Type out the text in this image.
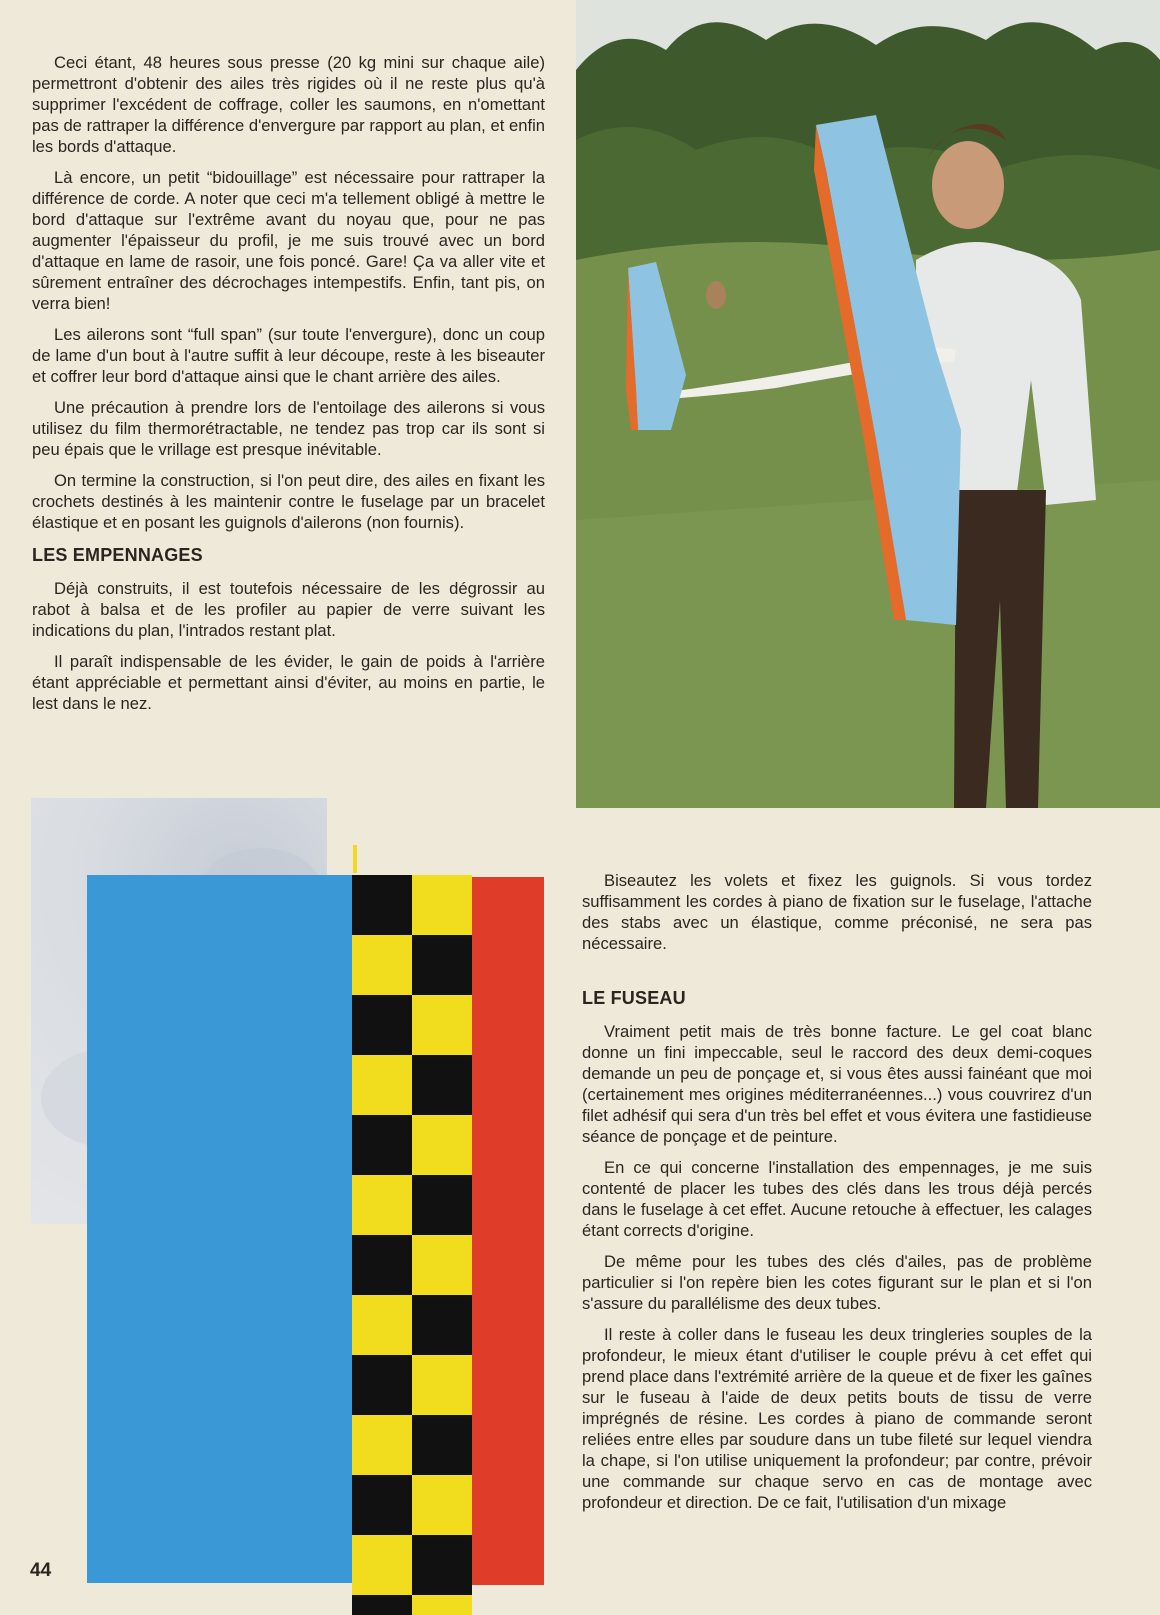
Ceci étant, 48 heures sous presse (20 kg mini sur chaque aile) permettront d'obtenir des ailes très rigides où il ne reste plus qu'à supprimer l'excédent de coffrage, coller les saumons, en n'omettant pas de rattraper la différence d'envergure par rapport au plan, et enfin les bords d'attaque.

Là encore, un petit “bidouillage” est nécessaire pour rattraper la différence de corde. A noter que ceci m'a tellement obligé à mettre le bord d'attaque sur l'extrême avant du noyau que, pour ne pas augmenter l'épaisseur du profil, je me suis trouvé avec un bord d'attaque en lame de rasoir, une fois poncé. Gare! Ça va aller vite et sûrement entraîner des décrochages intempestifs. Enfin, tant pis, on verra bien!

Les ailerons sont “full span” (sur toute l'envergure), donc un coup de lame d'un bout à l'autre suffit à leur découpe, reste à les biseauter et coffrer leur bord d'attaque ainsi que le chant arrière des ailes.

Une précaution à prendre lors de l'entoilage des ailerons si vous utilisez du film thermorétractable, ne tendez pas trop car ils sont si peu épais que le vrillage est presque inévitable.

On termine la construction, si l'on peut dire, des ailes en fixant les crochets destinés à les maintenir contre le fuselage par un bracelet élastique et en posant les guignols d'ailerons (non fournis).

LES EMPENNAGES

Déjà construits, il est toutefois nécessaire de les dégrossir au rabot à balsa et de les profiler au papier de verre suivant les indications du plan, l'intrados restant plat.

Il paraît indispensable de les évider, le gain de poids à l'arrière étant appréciable et permettant ainsi d'éviter, au moins en partie, le lest dans le nez.

Biseautez les volets et fixez les guignols. Si vous tordez suffisamment les cordes à piano de fixation sur le fuselage, l'attache des stabs avec un élastique, comme préconisé, ne sera pas nécessaire.

LE FUSEAU

Vraiment petit mais de très bonne facture. Le gel coat blanc donne un fini impeccable, seul le raccord des deux demi-coques demande un peu de ponçage et, si vous êtes aussi fainéant que moi (certainement mes origines méditerranéennes...) vous couvrirez d'un filet adhésif qui sera d'un très bel effet et vous évitera une fastidieuse séance de ponçage et de peinture.

En ce qui concerne l'installation des empennages, je me suis contenté de placer les tubes des clés dans les trous déjà percés dans le fuselage à cet effet. Aucune retouche à effectuer, les calages étant corrects d'origine.

De même pour les tubes des clés d'ailes, pas de problème particulier si l'on repère bien les cotes figurant sur le plan et si l'on s'assure du parallélisme des deux tubes.

Il reste à coller dans le fuseau les deux tringleries souples de la profondeur, le mieux étant d'utiliser le couple prévu à cet effet qui prend place dans l'extrémité arrière de la queue et de fixer les gaînes sur le fuseau à l'aide de deux petits bouts de tissu de verre imprégnés de résine. Les cordes à piano de commande seront reliées entre elles par soudure dans un tube fileté sur lequel viendra la chape, si l'on utilise uniquement la profondeur; par contre, prévoir une commande sur chaque servo en cas de montage avec profondeur et direction. De ce fait, l'utilisation d'un mixage

44
